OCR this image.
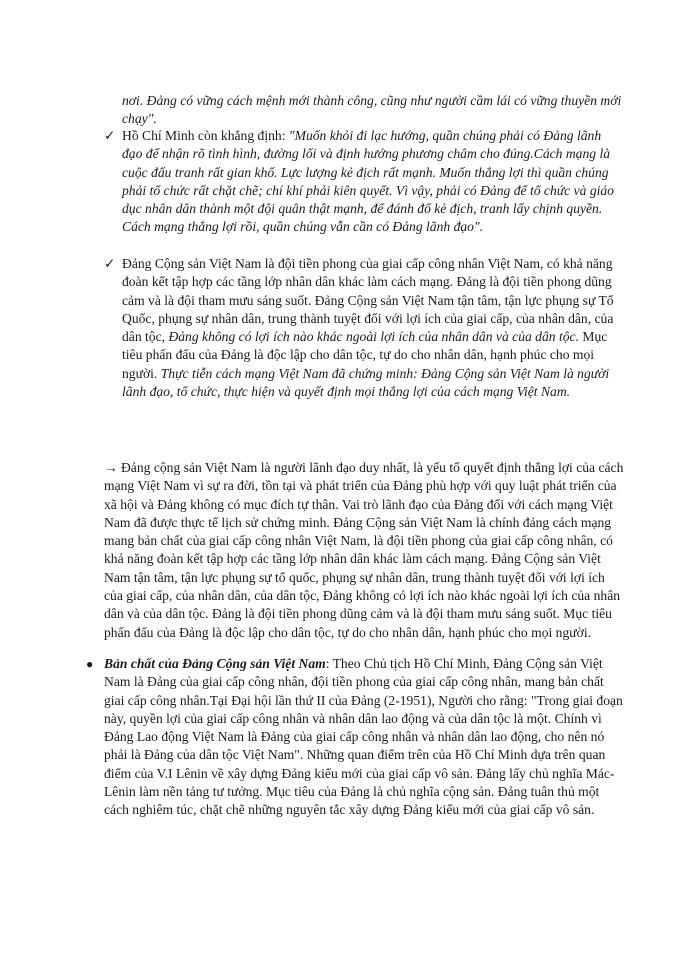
nơi. Đảng có vững cách mệnh mới thành công, cũng như người cầm lái có vững thuyền mới chạy".

✓ Hồ Chí Minh còn khẳng định: "Muốn khỏi đi lạc hướng, quần chúng phải có Đảng lãnh đạo để nhận rõ tình hình, đường lối và định hướng phương châm cho đúng.Cách mạng là cuộc đấu tranh rất gian khổ. Lực lượng kẻ địch rất mạnh. Muốn thắng lợi thì quần chúng phải tổ chức rất chặt chẽ; chí khí phải kiên quyết. Vì vậy, phải có Đảng để tổ chức và giáo dục nhân dân thành một đội quân thật mạnh, để đánh đổ kẻ địch, tranh lấy chịnh quyền. Cách mạng thắng lợi rồi, quần chúng vẫn cần có Đảng lãnh đạo".

✓ Đảng Cộng sản Việt Nam là đội tiền phong của giai cấp công nhân Việt Nam, có khả năng đoàn kết tập hợp các tầng lớp nhân dân khác làm cách mạng. Đảng là đội tiền phong dũng cảm và là đội tham mưu sáng suốt. Đảng Cộng sản Việt Nam tận tâm, tận lực phụng sự Tổ Quốc, phụng sự nhân dân, trung thành tuyệt đối với lợi ích của giai cấp, của nhân dân, của dân tộc, Đảng không có lợi ích nào khác ngoài lợi ích của nhân dân và của dân tộc. Mục tiêu phấn đấu của Đảng là độc lập cho dân tộc, tự do cho nhân dân, hạnh phúc cho mọi người. Thực tiễn cách mạng Việt Nam đã chứng minh: Đảng Cộng sản Việt Nam là người lãnh đạo, tổ chức, thực hiện và quyết định mọi thắng lợi của cách mạng Việt Nam.

→ Đảng cộng sản Việt Nam là người lãnh đạo duy nhất, là yếu tố quyết định thắng lợi của cách mạng Việt Nam vì sự ra đời, tồn tại và phát triển của Đảng phù hợp với quy luật phát triển của xã hội và Đảng không có mục đích tự thân. Vai trò lãnh đạo của Đảng đối với cách mạng Việt Nam đã được thực tế lịch sử chứng minh. Đảng Cộng sản Việt Nam là chính đảng cách mạng mang bản chất của giai cấp công nhân Việt Nam, là đội tiền phong của giai cấp công nhân, có khả năng đoàn kết tập hợp các tầng lớp nhân dân khác làm cách mạng. Đảng Cộng sản Việt Nam tận tâm, tận lực phụng sự tổ quốc, phụng sự nhân dân, trung thành tuyệt đối với lợi ích của giai cấp, của nhân dân, của dân tộc, Đảng không có lợi ích nào khác ngoài lợi ích của nhân dân và của dân tộc. Đảng là đội tiền phong dũng cảm và là đội tham mưu sáng suốt. Mục tiêu phấn đấu của Đảng là độc lập cho dân tộc, tự do cho nhân dân, hạnh phúc cho mọi người.

● Bản chất của Đảng Cộng sản Việt Nam: Theo Chủ tịch Hồ Chí Minh, Đảng Cộng sản Việt Nam là Đảng của giai cấp công nhân, đội tiền phong của giai cấp công nhân, mang bản chất giai cấp công nhân.Tại Đại hội lần thứ II của Đảng (2-1951), Người cho rằng: "Trong giai đoạn này, quyền lợi của giai cấp công nhân và nhân dân lao động và của dân tộc là một. Chính vì Đảng Lao động Việt Nam là Đảng của giai cấp công nhân và nhân dân lao động, cho nên nó phải là Đảng của dân tộc Việt Nam". Những quan điểm trên của Hồ Chí Minh dựa trên quan điểm của V.I Lênin về xây dựng Đảng kiểu mới của giai cấp vô sản. Đảng lấy chủ nghĩa Mác-Lênin làm nền tảng tư tưởng. Mục tiêu của Đảng là chủ nghĩa cộng sản. Đảng tuân thủ một cách nghiêm túc, chặt chẽ những nguyên tắc xây dựng Đảng kiểu mới của giai cấp vô sản.
